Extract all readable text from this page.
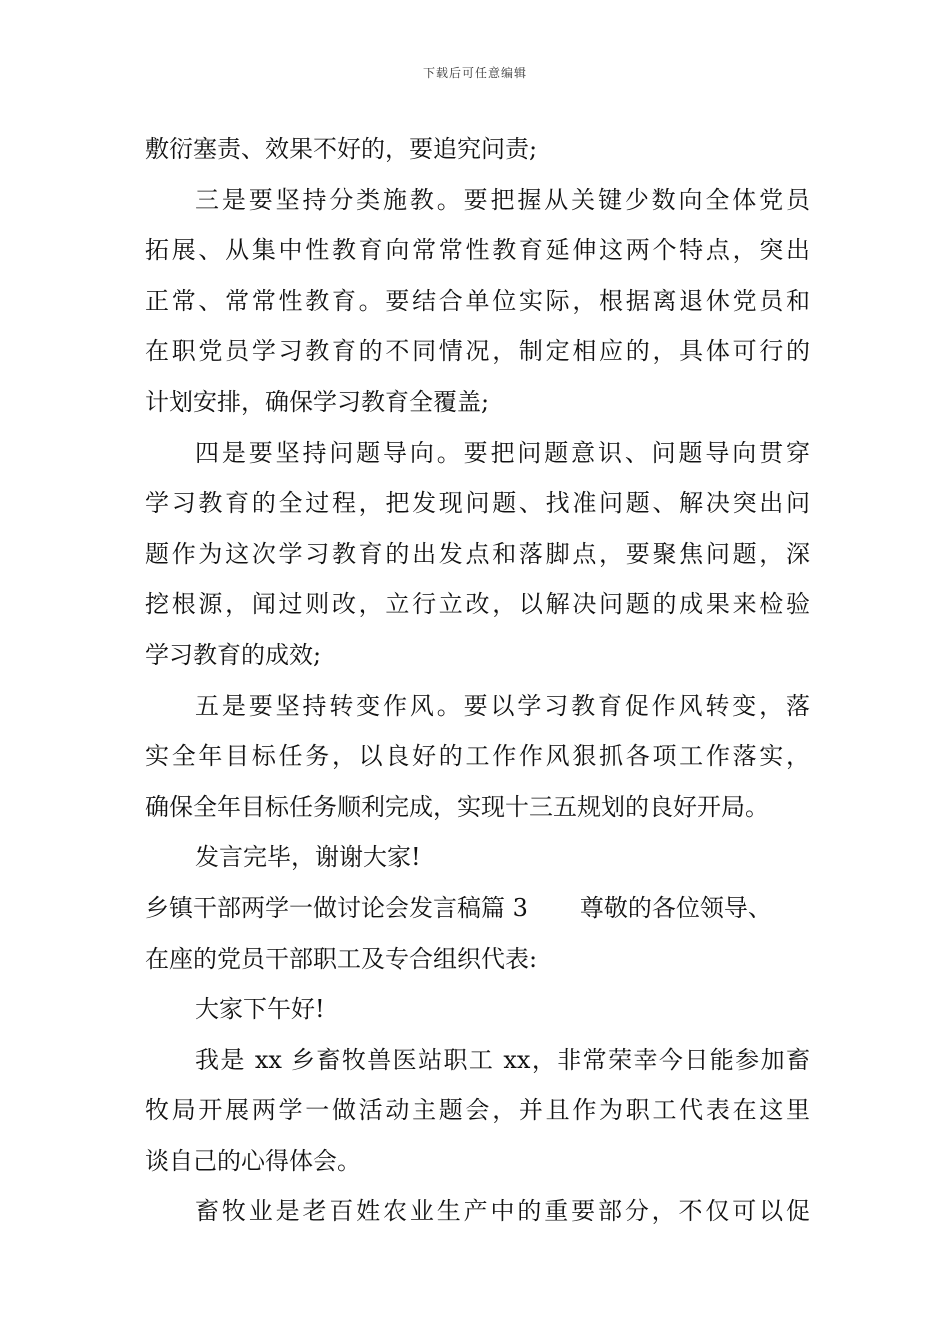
下载后可任意编辑
敷衍塞责、效果不好的，要追究问责;
三是要坚持分类施教。要把握从关键少数向全体党员
拓展、从集中性教育向常常性教育延伸这两个特点，突出
正常、常常性教育。要结合单位实际，根据离退休党员和
在职党员学习教育的不同情况，制定相应的，具体可行的
计划安排，确保学习教育全覆盖;
四是要坚持问题导向。要把问题意识、问题导向贯穿
学习教育的全过程，把发现问题、找准问题、解决突出问
题作为这次学习教育的出发点和落脚点，要聚焦问题，深
挖根源，闻过则改，立行立改，以解决问题的成果来检验
学习教育的成效;
五是要坚持转变作风。要以学习教育促作风转变，落
实全年目标任务，以良好的工作作风狠抓各项工作落实，
确保全年目标任务顺利完成，实现十三五规划的良好开局。
发言完毕，谢谢大家!
乡镇干部两学一做讨论会发言稿篇 3 尊敬的各位领导、
在座的党员干部职工及专合组织代表:
大家下午好!
我是 xx 乡畜牧兽医站职工 xx，非常荣幸今日能参加畜
牧局开展两学一做活动主题会，并且作为职工代表在这里
谈自己的心得体会。
畜牧业是老百姓农业生产中的重要部分，不仅可以促
